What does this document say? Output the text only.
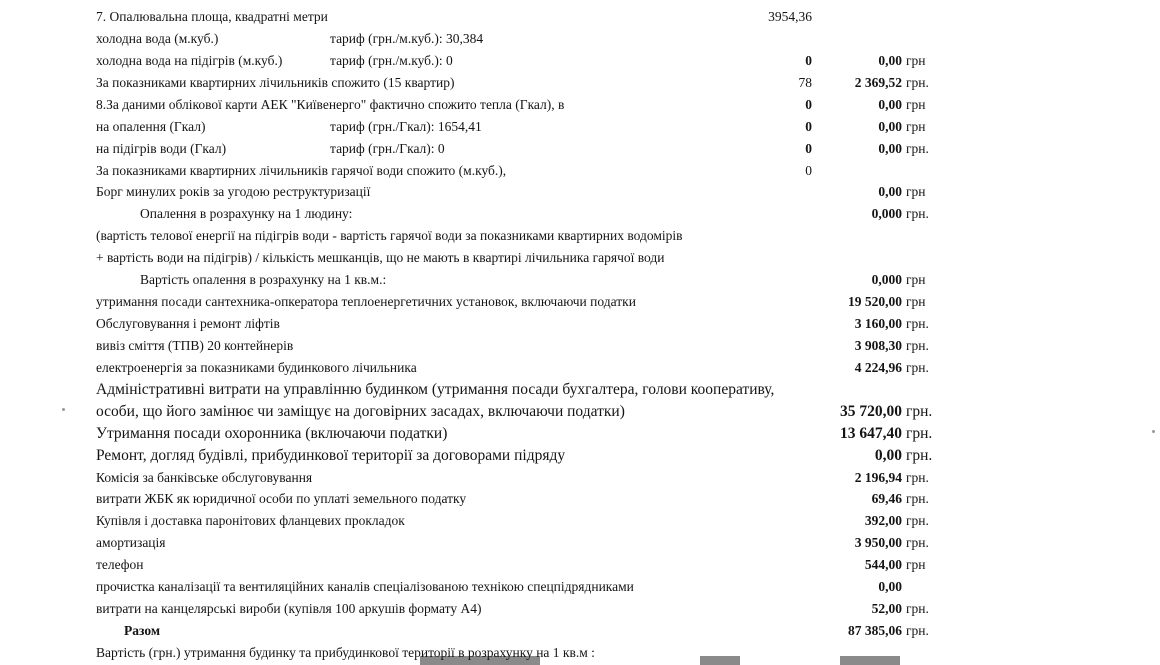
7. Опалювальна площа, квадратні метри	3954,36
холодна вода (м.куб.)	тариф (грн./м.куб.): 30,384
холодна вода на підігрів (м.куб.)	тариф (грн./м.куб.): 0	0	0,00 грн
За показниками квартирних лічильників спожито (15 квартир)	78	2 369,52 грн.
8.За даними облікової карти АЕК "Київенерго" фактично спожито тепла (Гкал), в	0	0,00 грн
на опалення (Гкал)	тариф (грн./Гкал): 1654,41	0	0,00 грн
на підігрів води (Гкал)	тариф (грн./Гкал): 0	0	0,00 грн.
За показниками квартирних лічильників гарячої води спожито (м.куб.),	0
Борг минулих років за угодою реструктуризації	0,00 грн
Опалення в розрахунку на 1 людину:	0,000 грн.
(вартість телової енергії на підігрів води - вартість гарячої води за показниками квартирних водомірів
+ вартість води на підігрів) / кількість мешканців, що не мають в квартирі лічильника гарячої води
Вартість опалення в розрахунку на 1 кв.м.:	0,000 грн
утримання посади сантехника-опкератора теплоенергетичних установок, включаючи податки	19 520,00 грн
Обслуговування і ремонт ліфтів	3 160,00 грн.
вивіз сміття (ТПВ) 20 контейнерів	3 908,30 грн.
електроенергія за показниками будинкового лічильника	4 224,96 грн.
Адміністративні витрати на управлінню будинком (утримання посади бухгалтера, голови кооперативу,
особи, що його замінює чи заміщує на договірних засадах, включаючи податки)	35 720,00 грн.
Утримання посади охоронника (включаючи податки)	13 647,40 грн.
Ремонт, догляд будівлі, прибудинкової території за договорами підряду	0,00 грн.
Комісія за банківське обслуговування	2 196,94 грн.
витрати ЖБК як юридичної особи по уплаті земельного податку	69,46 грн.
Купівля і доставка паронітових фланцевих прокладок	392,00 грн.
амортизація	3 950,00 грн.
телефон	544,00 грн
прочистка каналізації та вентиляційних каналів спеціалізованою технікою спецпідрядниками	0,00
витрати на канцелярські вироби (купівля 100 аркушів формату А4)	52,00 грн.
Разом	87 385,06 грн.
Вартість (грн.) утримання будинку та прибудинкової території в розрахунку на 1 кв.м :
